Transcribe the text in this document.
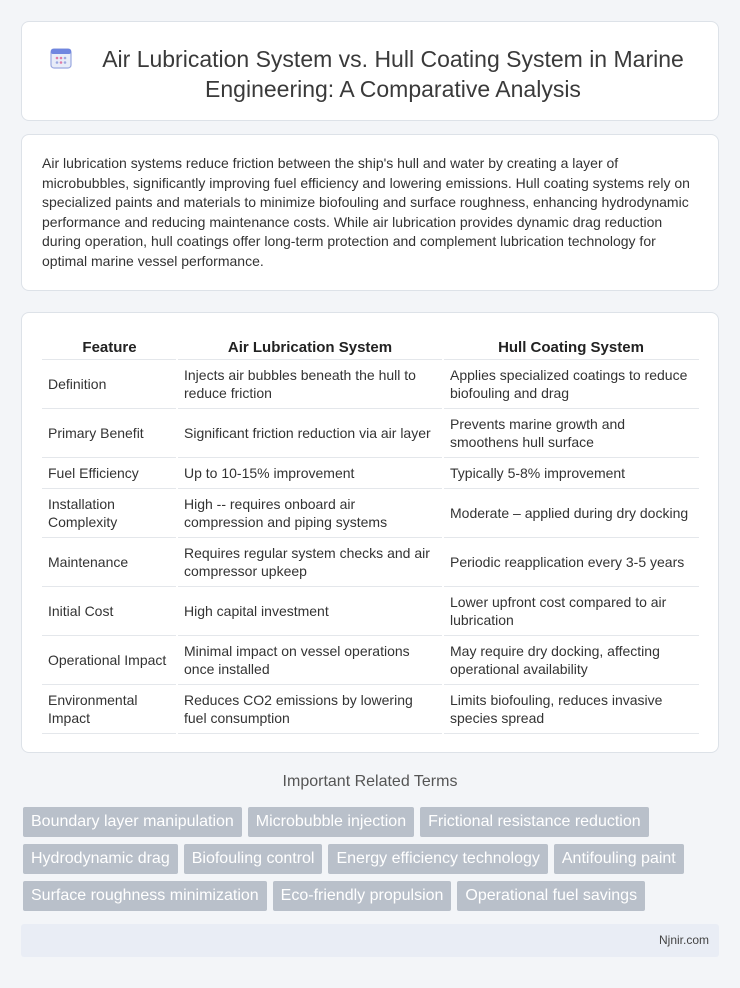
Air Lubrication System vs. Hull Coating System in Marine Engineering: A Comparative Analysis

Air lubrication systems reduce friction between the ship's hull and water by creating a layer of microbubbles, significantly improving fuel efficiency and lowering emissions. Hull coating systems rely on specialized paints and materials to minimize biofouling and surface roughness, enhancing hydrodynamic performance and reducing maintenance costs. While air lubrication provides dynamic drag reduction during operation, hull coatings offer long-term protection and complement lubrication technology for optimal marine vessel performance.

Feature	Air Lubrication System	Hull Coating System
Definition	Injects air bubbles beneath the hull to reduce friction	Applies specialized coatings to reduce biofouling and drag
Primary Benefit	Significant friction reduction via air layer	Prevents marine growth and smoothens hull surface
Fuel Efficiency	Up to 10-15% improvement	Typically 5-8% improvement
Installation Complexity	High -- requires onboard air compression and piping systems	Moderate – applied during dry docking
Maintenance	Requires regular system checks and air compressor upkeep	Periodic reapplication every 3-5 years
Initial Cost	High capital investment	Lower upfront cost compared to air lubrication
Operational Impact	Minimal impact on vessel operations once installed	May require dry docking, affecting operational availability
Environmental Impact	Reduces CO2 emissions by lowering fuel consumption	Limits biofouling, reduces invasive species spread
Important Related Terms
Boundary layer manipulation	Microbubble injection	Frictional resistance reduction
Hydrodynamic drag	Biofouling control	Energy efficiency technology	Antifouling paint
Surface roughness minimization	Eco-friendly propulsion	Operational fuel savings
Njnir.com
